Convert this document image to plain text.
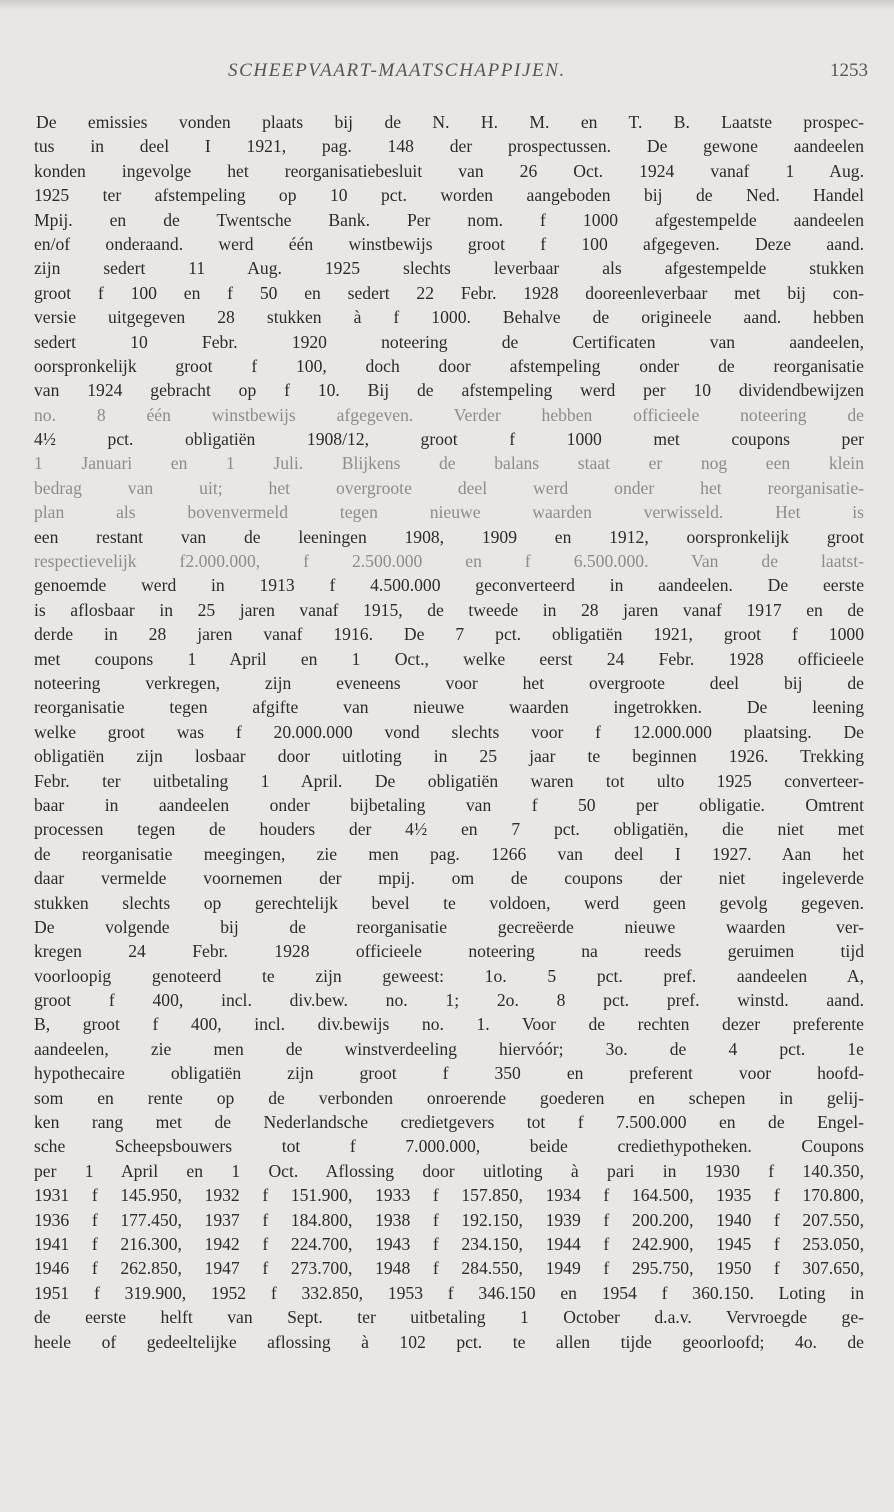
SCHEEPVAART-MAATSCHAPPIJEN.	1253
De emissies vonden plaats bij de N. H. M. en T. B. Laatste prospec-
tus in deel I 1921, pag. 148 der prospectussen. De gewone aandeelen
konden ingevolge het reorganisatiebesluit van 26 Oct. 1924 vanaf 1 Aug.
1925 ter afstempeling op 10 pct. worden aangeboden bij de Ned. Handel
Mpij. en de Twentsche Bank. Per nom. f 1000 afgestempelde aandeelen
en/of onderaand. werd één winstbewijs groot f 100 afgegeven. Deze aand.
zijn sedert 11 Aug. 1925 slechts leverbaar als afgestempelde stukken
groot f 100 en f 50 en sedert 22 Febr. 1928 dooreenleverbaar met bij con-
versie uitgegeven 28 stukken à f 1000. Behalve de origineele aand. hebben
sedert 10 Febr. 1920 noteering de Certificaten van aandeelen,
oorspronkelijk groot f 100, doch door afstempeling onder de reorganisatie
van 1924 gebracht op f 10. Bij de afstempeling werd per 10 dividendbewijzen
no. 8 één winstbewijs afgegeven. Verder hebben officieele noteering de
4½ pct. obligatiën 1908/12, groot f 1000 met coupons per
1 Januari en 1 Juli. Blijkens de balans staat er nog een klein
bedrag van uit; het overgroote deel werd onder het reorganisatie-
plan als bovenvermeld tegen nieuwe waarden verwisseld. Het is
een restant van de leeningen 1908, 1909 en 1912, oorspronkelijk groot
respectievelijk f2.000.000, f 2.500.000 en f 6.500.000. Van de laatst-
genoemde werd in 1913 f 4.500.000 geconverteerd in aandeelen. De eerste
is aflosbaar in 25 jaren vanaf 1915, de tweede in 28 jaren vanaf 1917 en de
derde in 28 jaren vanaf 1916. De 7 pct. obligatiën 1921, groot f 1000
met coupons 1 April en 1 Oct., welke eerst 24 Febr. 1928 officieele
noteering verkregen, zijn eveneens voor het overgroote deel bij de
reorganisatie tegen afgifte van nieuwe waarden ingetrokken. De leening
welke groot was f 20.000.000 vond slechts voor f 12.000.000 plaatsing. De
obligatiën zijn losbaar door uitloting in 25 jaar te beginnen 1926. Trekking
Febr. ter uitbetaling 1 April. De obligatiën waren tot ulto 1925 converteer-
baar in aandeelen onder bijbetaling van f 50 per obligatie. Omtrent
processen tegen de houders der 4½ en 7 pct. obligatiën, die niet met
de reorganisatie meegingen, zie men pag. 1266 van deel I 1927. Aan het
daar vermelde voornemen der mpij. om de coupons der niet ingeleverde
stukken slechts op gerechtelijk bevel te voldoen, werd geen gevolg gegeven.
De volgende bij de reorganisatie gecreëerde nieuwe waarden ver-
kregen 24 Febr. 1928 officieele noteering na reeds geruimen tijd
voorloopig genoteerd te zijn geweest: 1o. 5 pct. pref. aandeelen A,
groot f 400, incl. div.bew. no. 1; 2o. 8 pct. pref. winstd. aand.
B, groot f 400, incl. div.bewijs no. 1. Voor de rechten dezer preferente
aandeelen, zie men de winstverdeeling hiervóór; 3o. de 4 pct. 1e
hypothecaire obligatiën zijn groot f 350 en preferent voor hoofd-
som en rente op de verbonden onroerende goederen en schepen in gelij-
ken rang met de Nederlandsche credietgevers tot f 7.500.000 en de Engel-
sche Scheepsbouwers tot f 7.000.000, beide crediethypotheken. Coupons
per 1 April en 1 Oct. Aflossing door uitloting à pari in 1930 f 140.350,
1931 f 145.950, 1932 f 151.900, 1933 f 157.850, 1934 f 164.500, 1935 f 170.800,
1936 f 177.450, 1937 f 184.800, 1938 f 192.150, 1939 f 200.200, 1940 f 207.550,
1941 f 216.300, 1942 f 224.700, 1943 f 234.150, 1944 f 242.900, 1945 f 253.050,
1946 f 262.850, 1947 f 273.700, 1948 f 284.550, 1949 f 295.750, 1950 f 307.650,
1951 f 319.900, 1952 f 332.850, 1953 f 346.150 en 1954 f 360.150. Loting in
de eerste helft van Sept. ter uitbetaling 1 October d.a.v. Vervroegde ge-
heele of gedeeltelijke aflossing à 102 pct. te allen tijde geoorloofd; 4o. de
